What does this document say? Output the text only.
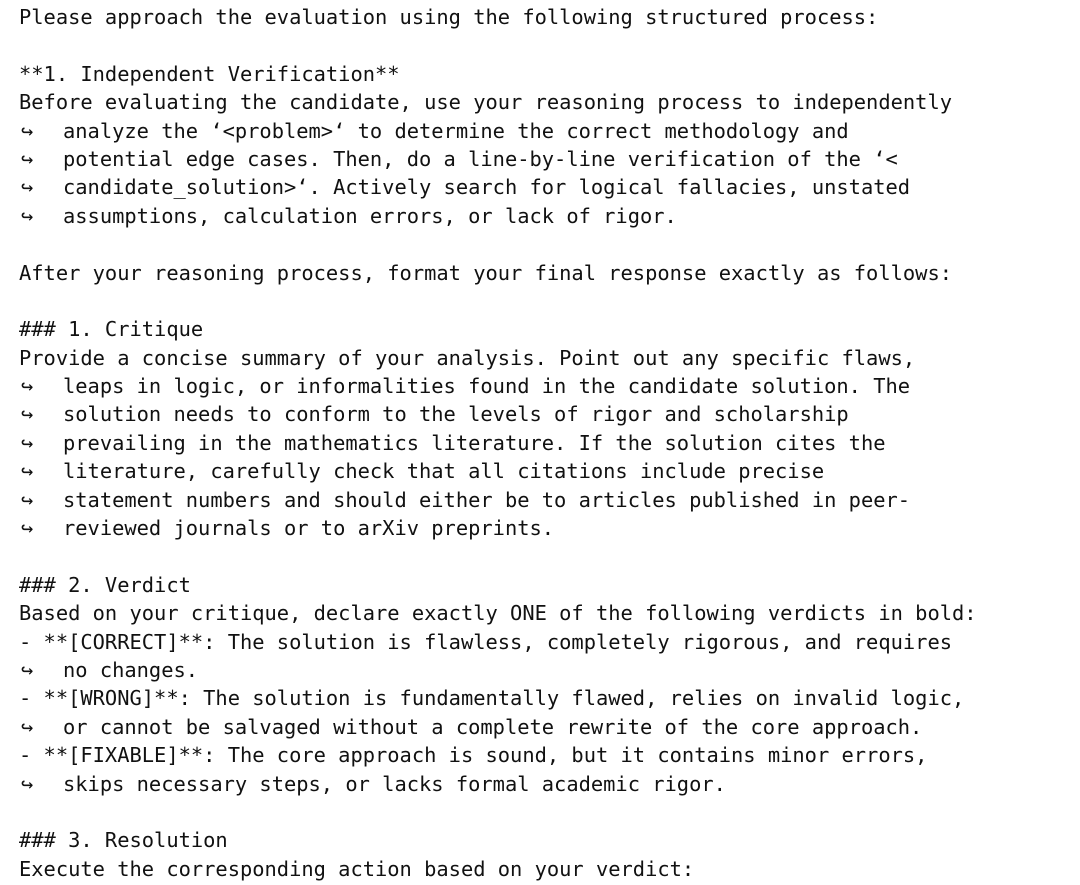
Please approach the evaluation using the following structured process:
**1. Independent Verification**
Before evaluating the candidate, use your reasoning process to independently
↪ analyze the ‘<problem>‘ to determine the correct methodology and
↪ potential edge cases. Then, do a line-by-line verification of the ‘<
↪ candidate_solution>‘. Actively search for logical fallacies, unstated
↪ assumptions, calculation errors, or lack of rigor.
After your reasoning process, format your final response exactly as follows:
### 1. Critique
Provide a concise summary of your analysis. Point out any specific flaws,
↪ leaps in logic, or informalities found in the candidate solution. The
↪ solution needs to conform to the levels of rigor and scholarship
↪ prevailing in the mathematics literature. If the solution cites the
↪ literature, carefully check that all citations include precise
↪ statement numbers and should either be to articles published in peer-
↪ reviewed journals or to arXiv preprints.
### 2. Verdict
Based on your critique, declare exactly ONE of the following verdicts in bold:
- **[CORRECT]**: The solution is flawless, completely rigorous, and requires
↪ no changes.
- **[WRONG]**: The solution is fundamentally flawed, relies on invalid logic,
↪ or cannot be salvaged without a complete rewrite of the core approach.
- **[FIXABLE]**: The core approach is sound, but it contains minor errors,
↪ skips necessary steps, or lacks formal academic rigor.
### 3. Resolution
Execute the corresponding action based on your verdict:
